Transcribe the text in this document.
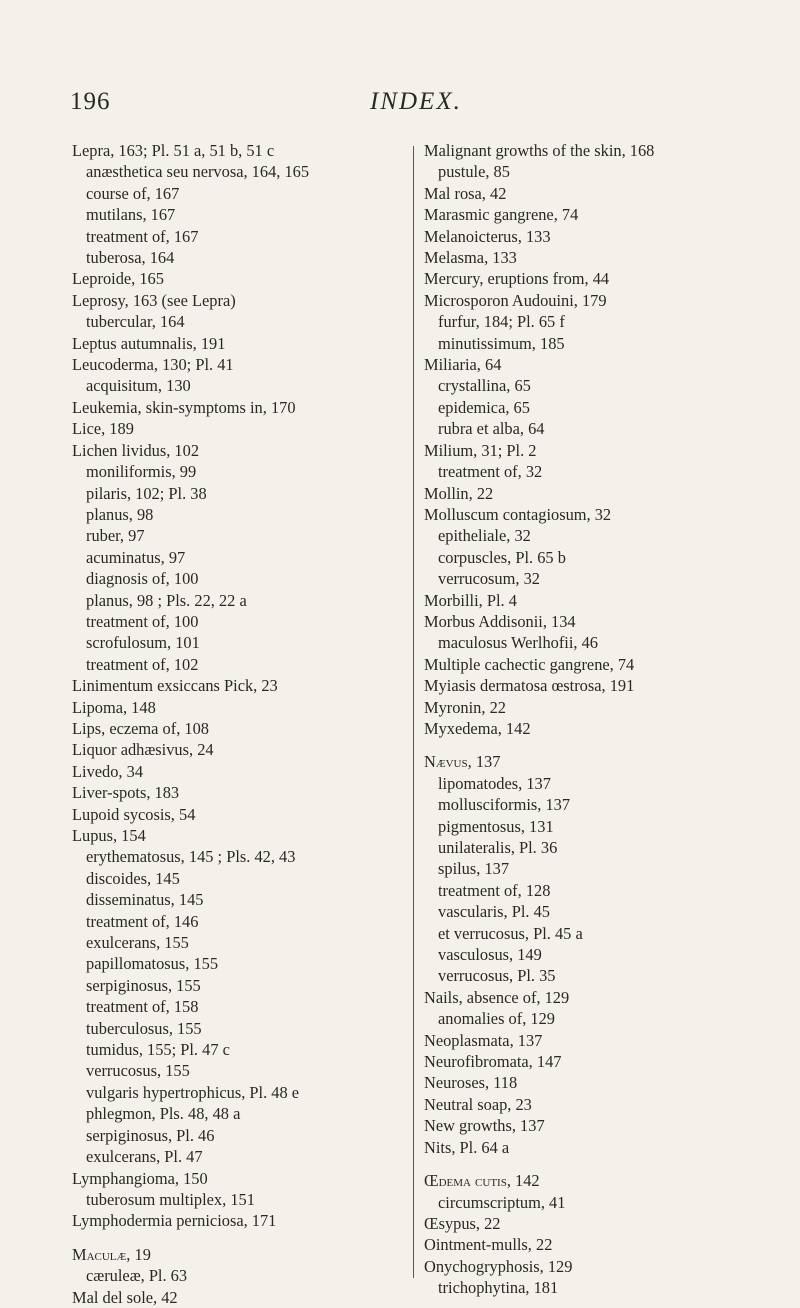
196	INDEX.
Lepra, 163; Pl. 51 a, 51 b, 51 c
anæsthetica seu nervosa, 164, 165
course of, 167
mutilans, 167
treatment of, 167
tuberosa, 164
Leproide, 165
Leprosy, 163 (see Lepra)
tubercular, 164
Leptus autumnalis, 191
Leucoderma, 130; Pl. 41
acquisitum, 130
Leukemia, skin-symptoms in, 170
Lice, 189
Lichen lividus, 102
moniliformis, 99
pilaris, 102; Pl. 38
planus, 98
ruber, 97
acuminatus, 97
diagnosis of, 100
planus, 98 ; Pls. 22, 22 a
treatment of, 100
scrofulosum, 101
treatment of, 102
Linimentum exsiccans Pick, 23
Lipoma, 148
Lips, eczema of, 108
Liquor adhæsivus, 24
Livedo, 34
Liver-spots, 183
Lupoid sycosis, 54
Lupus, 154
erythematosus, 145 ; Pls. 42, 43
discoides, 145
disseminatus, 145
treatment of, 146
exulcerans, 155
papillomatosus, 155
serpiginosus, 155
treatment of, 158
tuberculosus, 155
tumidus, 155; Pl. 47 c
verrucosus, 155
vulgaris hypertrophicus, Pl. 48 e
phlegmon, Pls. 48, 48 a
serpiginosus, Pl. 46
exulcerans, Pl. 47
Lymphangioma, 150
tuberosum multiplex, 151
Lymphodermia perniciosa, 171
Maculæ, 19
cæruleæ, Pl. 63
Mal del sole, 42
Malignant growths of the skin, 168
pustule, 85
Mal rosa, 42
Marasmic gangrene, 74
Melanoicterus, 133
Melasma, 133
Mercury, eruptions from, 44
Microsporon Audouini, 179
furfur, 184; Pl. 65 f
minutissimum, 185
Miliaria, 64
crystallina, 65
epidemica, 65
rubra et alba, 64
Milium, 31; Pl. 2
treatment of, 32
Mollin, 22
Molluscum contagiosum, 32
epitheliale, 32
corpuscles, Pl. 65 b
verrucosum, 32
Morbilli, Pl. 4
Morbus Addisonii, 134
maculosus Werlhofii, 46
Multiple cachectic gangrene, 74
Myiasis dermatosa œstrosa, 191
Myronin, 22
Myxedema, 142
Nævus, 137
lipomatodes, 137
mollusciformis, 137
pigmentosus, 131
unilateralis, Pl. 36
spilus, 137
treatment of, 128
vascularis, Pl. 45
et verrucosus, Pl. 45 a
vasculosus, 149
verrucosus, Pl. 35
Nails, absence of, 129
anomalies of, 129
Neoplasmata, 137
Neurofibromata, 147
Neuroses, 118
Neutral soap, 23
New growths, 137
Nits, Pl. 64 a
Œdema cutis, 142
circumscriptum, 41
Œsypus, 22
Ointment-mulls, 22
Onychogryphosis, 129
trichophytina, 181
